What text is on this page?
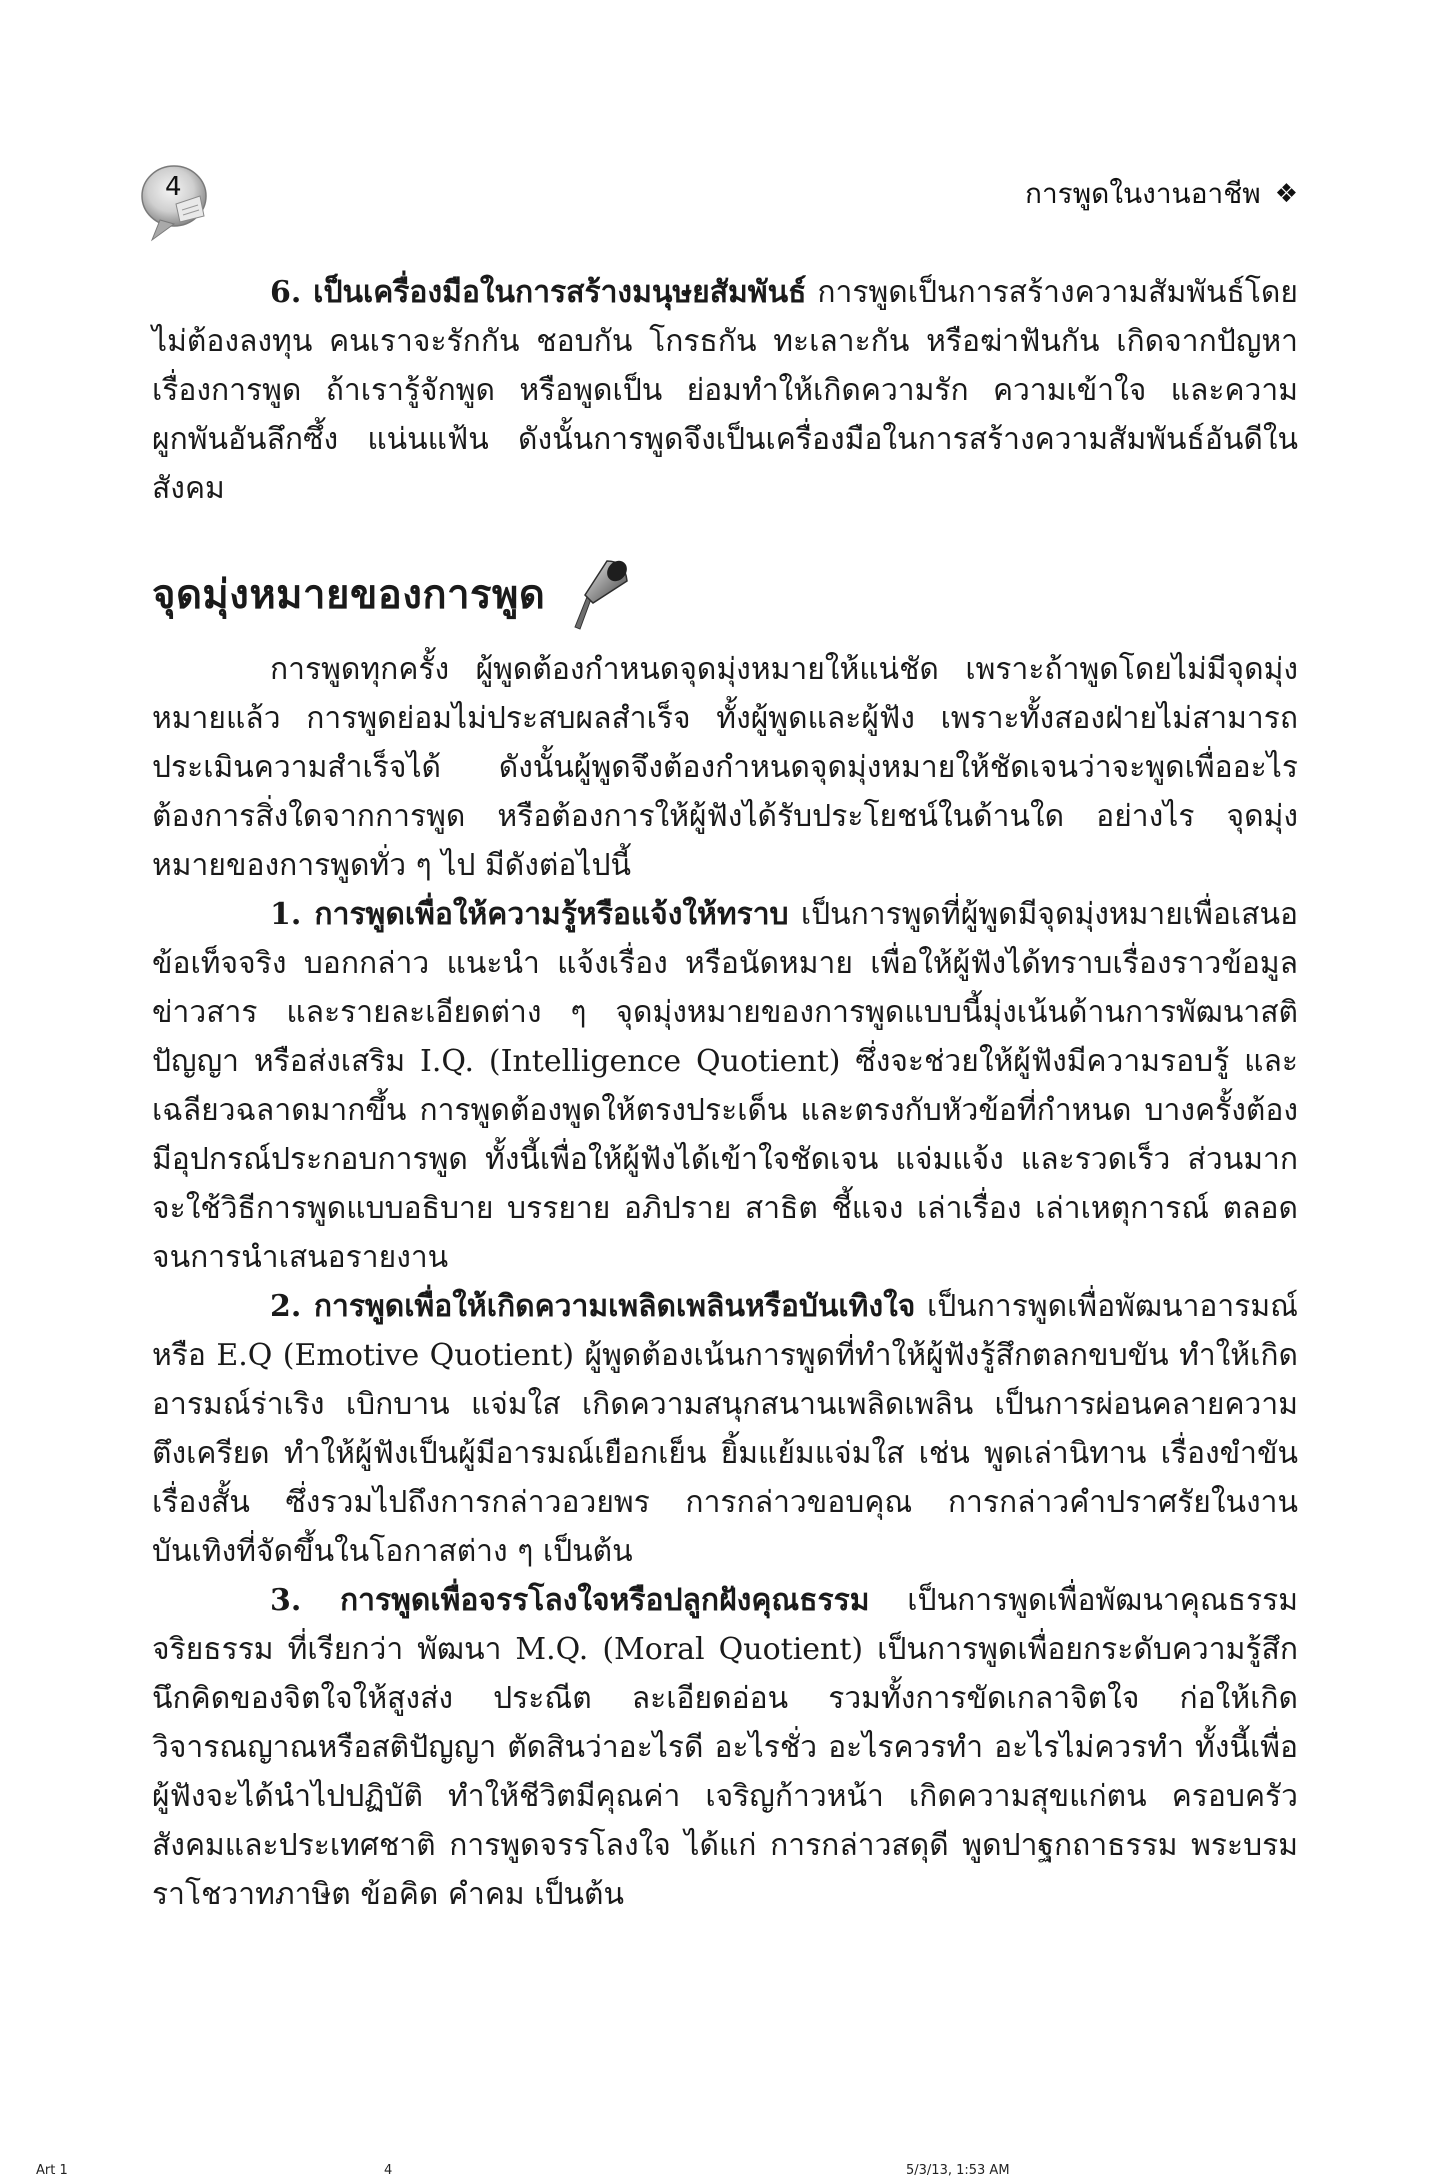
4	การพูดในงานอาชีพ ❖

6. เป็นเครื่องมือในการสร้างมนุษยสัมพันธ์ การพูดเป็นการสร้างความสัมพันธ์โดยไม่ต้องลงทุน คนเราจะรักกัน ชอบกัน โกรธกัน ทะเลาะกัน หรือฆ่าฟันกัน เกิดจากปัญหาเรื่องการพูด ถ้าเรารู้จักพูด หรือพูดเป็น ย่อมทำให้เกิดความรัก ความเข้าใจ และความผูกพันอันลึกซึ้ง แน่นแฟ้น ดังนั้นการพูดจึงเป็นเครื่องมือในการสร้างความสัมพันธ์อันดีในสังคม

จุดมุ่งหมายของการพูด

การพูดทุกครั้ง ผู้พูดต้องกำหนดจุดมุ่งหมายให้แน่ชัด เพราะถ้าพูดโดยไม่มีจุดมุ่งหมายแล้ว การพูดย่อมไม่ประสบผลสำเร็จ ทั้งผู้พูดและผู้ฟัง เพราะทั้งสองฝ่ายไม่สามารถประเมินความสำเร็จได้ ดังนั้นผู้พูดจึงต้องกำหนดจุดมุ่งหมายให้ชัดเจนว่าจะพูดเพื่ออะไร ต้องการสิ่งใดจากการพูด หรือต้องการให้ผู้ฟังได้รับประโยชน์ในด้านใด อย่างไร จุดมุ่งหมายของการพูดทั่ว ๆ ไป มีดังต่อไปนี้

1. การพูดเพื่อให้ความรู้หรือแจ้งให้ทราบ เป็นการพูดที่ผู้พูดมีจุดมุ่งหมายเพื่อเสนอข้อเท็จจริง บอกกล่าว แนะนำ แจ้งเรื่อง หรือนัดหมาย เพื่อให้ผู้ฟังได้ทราบเรื่องราวข้อมูล ข่าวสาร และรายละเอียดต่าง ๆ จุดมุ่งหมายของการพูดแบบนี้มุ่งเน้นด้านการพัฒนาสติปัญญา หรือส่งเสริม I.Q. (Intelligence Quotient) ซึ่งจะช่วยให้ผู้ฟังมีความรอบรู้ และเฉลียวฉลาดมากขึ้น การพูดต้องพูดให้ตรงประเด็น และตรงกับหัวข้อที่กำหนด บางครั้งต้องมีอุปกรณ์ประกอบการพูด ทั้งนี้เพื่อให้ผู้ฟังได้เข้าใจชัดเจน แจ่มแจ้ง และรวดเร็ว ส่วนมากจะใช้วิธีการพูดแบบอธิบาย บรรยาย อภิปราย สาธิต ชี้แจง เล่าเรื่อง เล่าเหตุการณ์ ตลอดจนการนำเสนอรายงาน

2. การพูดเพื่อให้เกิดความเพลิดเพลินหรือบันเทิงใจ เป็นการพูดเพื่อพัฒนาอารมณ์หรือ E.Q (Emotive Quotient) ผู้พูดต้องเน้นการพูดที่ทำให้ผู้ฟังรู้สึกตลกขบขัน ทำให้เกิดอารมณ์ร่าเริง เบิกบาน แจ่มใส เกิดความสนุกสนานเพลิดเพลิน เป็นการผ่อนคลายความตึงเครียด ทำให้ผู้ฟังเป็นผู้มีอารมณ์เยือกเย็น ยิ้มแย้มแจ่มใส เช่น พูดเล่านิทาน เรื่องขำขันเรื่องสั้น ซึ่งรวมไปถึงการกล่าวอวยพร การกล่าวขอบคุณ การกล่าวคำปราศรัยในงานบันเทิงที่จัดขึ้นในโอกาสต่าง ๆ เป็นต้น

3. การพูดเพื่อจรรโลงใจหรือปลูกฝังคุณธรรม เป็นการพูดเพื่อพัฒนาคุณธรรมจริยธรรม ที่เรียกว่า พัฒนา M.Q. (Moral Quotient) เป็นการพูดเพื่อยกระดับความรู้สึกนึกคิดของจิตใจให้สูงส่ง ประณีต ละเอียดอ่อน รวมทั้งการขัดเกลาจิตใจ ก่อให้เกิดวิจารณญาณหรือสติปัญญา ตัดสินว่าอะไรดี อะไรชั่ว อะไรควรทำ อะไรไม่ควรทำ ทั้งนี้เพื่อผู้ฟังจะได้นำไปปฏิบัติ ทำให้ชีวิตมีคุณค่า เจริญก้าวหน้า เกิดความสุขแก่ตน ครอบครัว สังคมและประเทศชาติ การพูดจรรโลงใจ ได้แก่ การกล่าวสดุดี พูดปาฐกถาธรรม พระบรมราโชวาทภาษิต ข้อคิด คำคม เป็นต้น

Art 1	4	5/3/13, 1:53 AM
